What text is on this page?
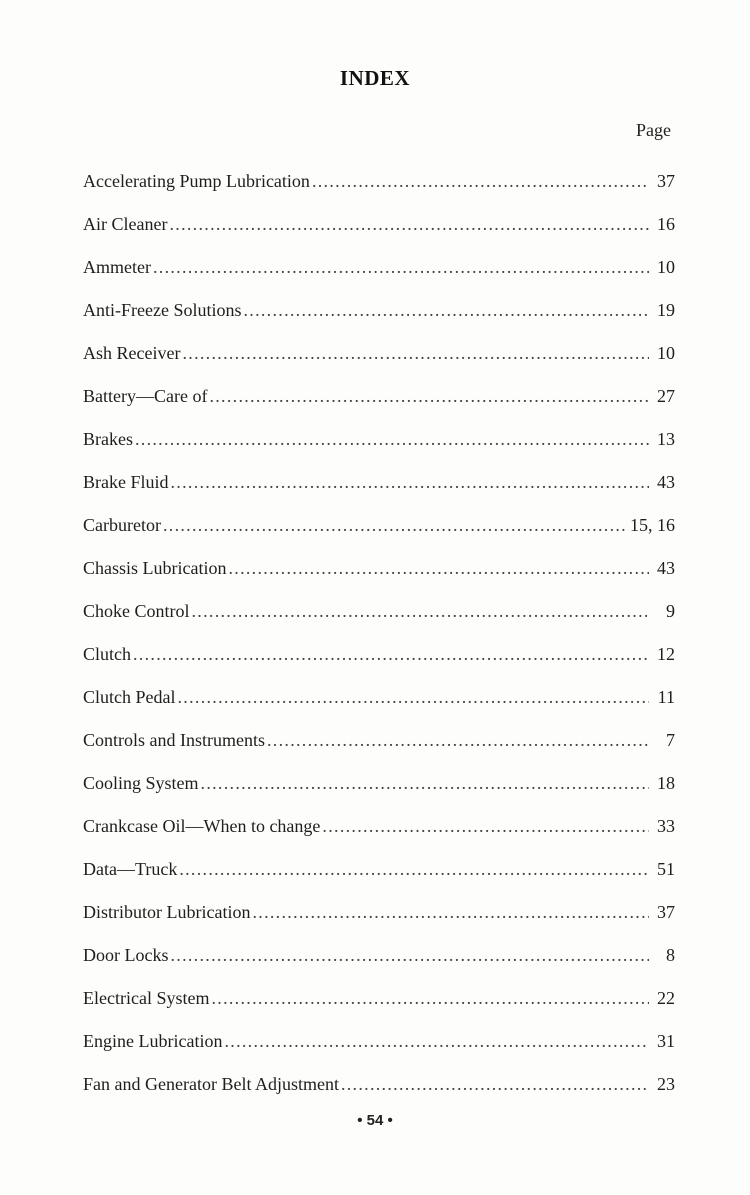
INDEX
Page
Accelerating Pump Lubrication . . .	37
Air Cleaner . . .	16
Ammeter . . .	10
Anti-Freeze Solutions . . .	19
Ash Receiver . . .	10
Battery—Care of . . .	27
Brakes . . .	13
Brake Fluid . . .	43
Carburetor . . .	15, 16
Chassis Lubrication . . .	43
Choke Control . . .	9
Clutch . . .	12
Clutch Pedal . . .	11
Controls and Instruments . . .	7
Cooling System . . .	18
Crankcase Oil—When to change . . .	33
Data—Truck . . .	51
Distributor Lubrication . . .	37
Door Locks . . .	8
Electrical System . . .	22
Engine Lubrication . . .	31
Fan and Generator Belt Adjustment . . .	23
• 54 •
